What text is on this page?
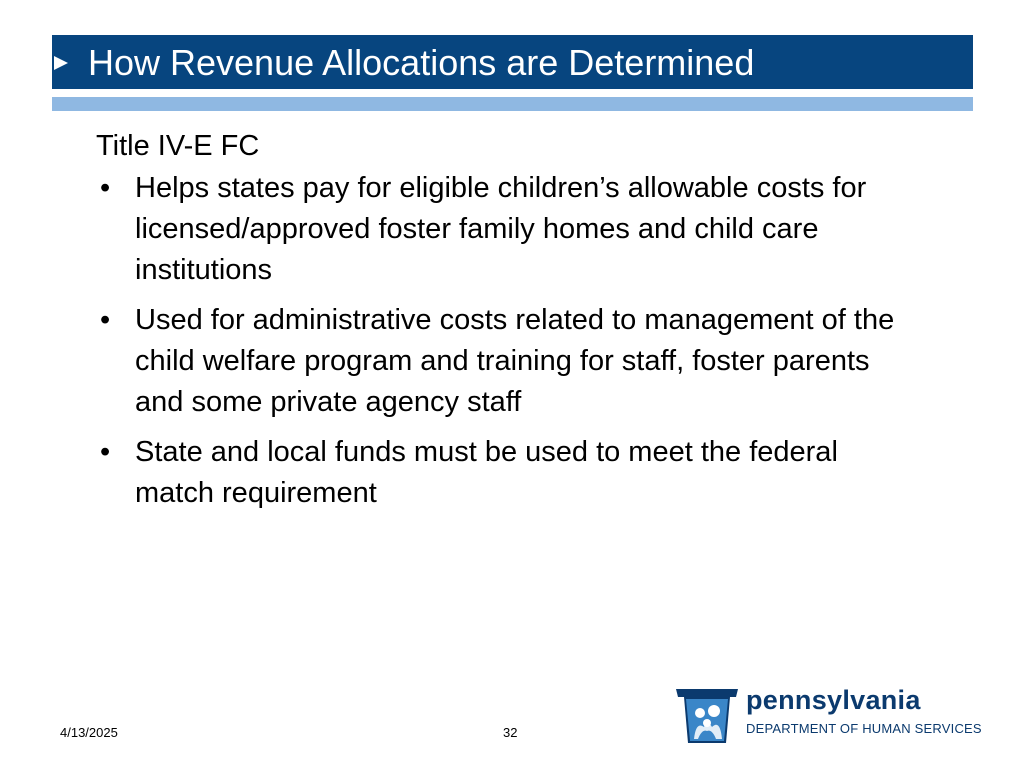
How Revenue Allocations are Determined
Title IV-E FC
• Helps states pay for eligible children’s allowable costs for licensed/approved foster family homes and child care institutions
• Used for administrative costs related to management of the child welfare program and training for staff, foster parents and some private agency staff
• State and local funds must be used to meet the federal match requirement
4/13/2025	32
pennsylvania
DEPARTMENT OF HUMAN SERVICES
